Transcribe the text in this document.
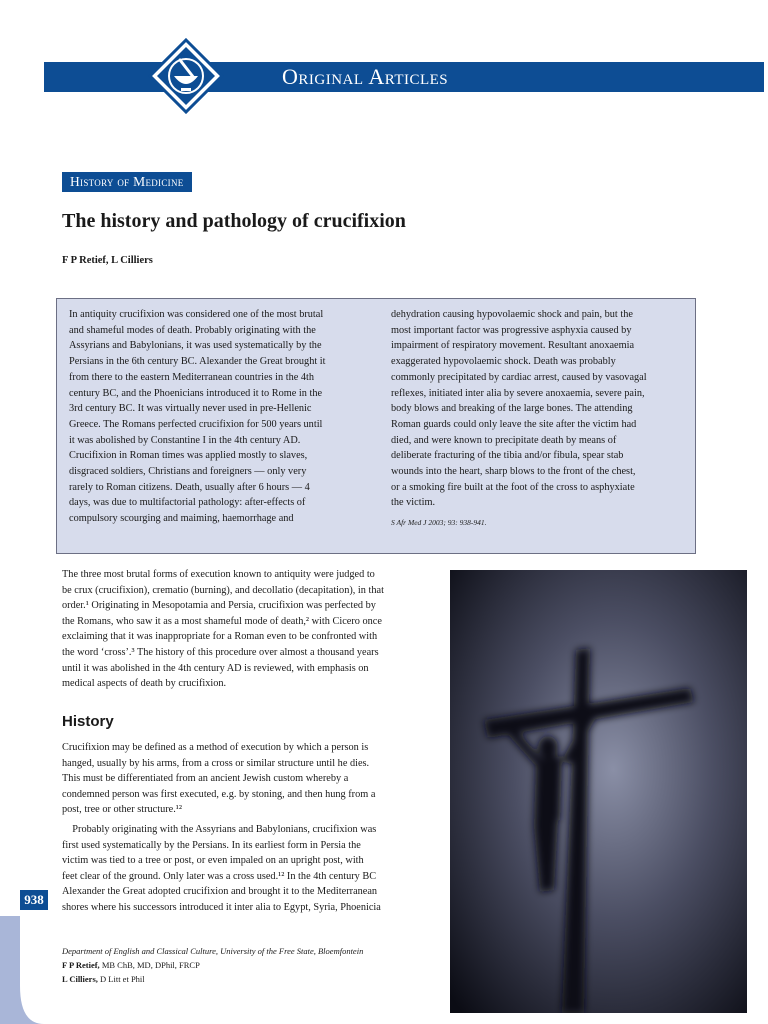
Original Articles
History of Medicine
The history and pathology of crucifixion
F P Retief, L Cilliers
In antiquity crucifixion was considered one of the most brutal
and shameful modes of death. Probably originating with the
Assyrians and Babylonians, it was used systematically by the
Persians in the 6th century BC. Alexander the Great brought it
from there to the eastern Mediterranean countries in the 4th
century BC, and the Phoenicians introduced it to Rome in the
3rd century BC. It was virtually never used in pre-Hellenic
Greece. The Romans perfected crucifixion for 500 years until
it was abolished by Constantine I in the 4th century AD.
Crucifixion in Roman times was applied mostly to slaves,
disgraced soldiers, Christians and foreigners — only very
rarely to Roman citizens. Death, usually after 6 hours — 4
days, was due to multifactorial pathology: after-effects of
compulsory scourging and maiming, haemorrhage and
dehydration causing hypovolaemic shock and pain, but the
most important factor was progressive asphyxia caused by
impairment of respiratory movement. Resultant anoxaemia
exaggerated hypovolaemic shock. Death was probably
commonly precipitated by cardiac arrest, caused by vasovagal
reflexes, initiated inter alia by severe anoxaemia, severe pain,
body blows and breaking of the large bones. The attending
Roman guards could only leave the site after the victim had
died, and were known to precipitate death by means of
deliberate fracturing of the tibia and/or fibula, spear stab
wounds into the heart, sharp blows to the front of the chest,
or a smoking fire built at the foot of the cross to asphyxiate
the victim.
S Afr Med J 2003; 93: 938-941.
The three most brutal forms of execution known to antiquity were judged to
be crux (crucifixion), crematio (burning), and decollatio (decapitation), in that
order.¹ Originating in Mesopotamia and Persia, crucifixion was perfected by
the Romans, who saw it as a most shameful mode of death,² with Cicero once
exclaiming that it was inappropriate for a Roman even to be confronted with
the word ‘cross’.³ The history of this procedure over almost a thousand years
until it was abolished in the 4th century AD is reviewed, with emphasis on
medical aspects of death by crucifixion.
History
Crucifixion may be defined as a method of execution by which a person is
hanged, usually by his arms, from a cross or similar structure until he dies.
This must be differentiated from an ancient Jewish custom whereby a
condemned person was first executed, e.g. by stoning, and then hung from a
post, tree or other structure.¹²
Probably originating with the Assyrians and Babylonians, crucifixion was
first used systematically by the Persians. In its earliest form in Persia the
victim was tied to a tree or post, or even impaled on an upright post, with
feet clear of the ground. Only later was a cross used.¹² In the 4th century BC
Alexander the Great adopted crucifixion and brought it to the Mediterranean
shores where his successors introduced it inter alia to Egypt, Syria, Phoenicia
938
Department of English and Classical Culture, University of the Free State, Bloemfontein
F P Retief, MB ChB, MD, DPhil, FRCP
L Cilliers, D Litt et Phil
